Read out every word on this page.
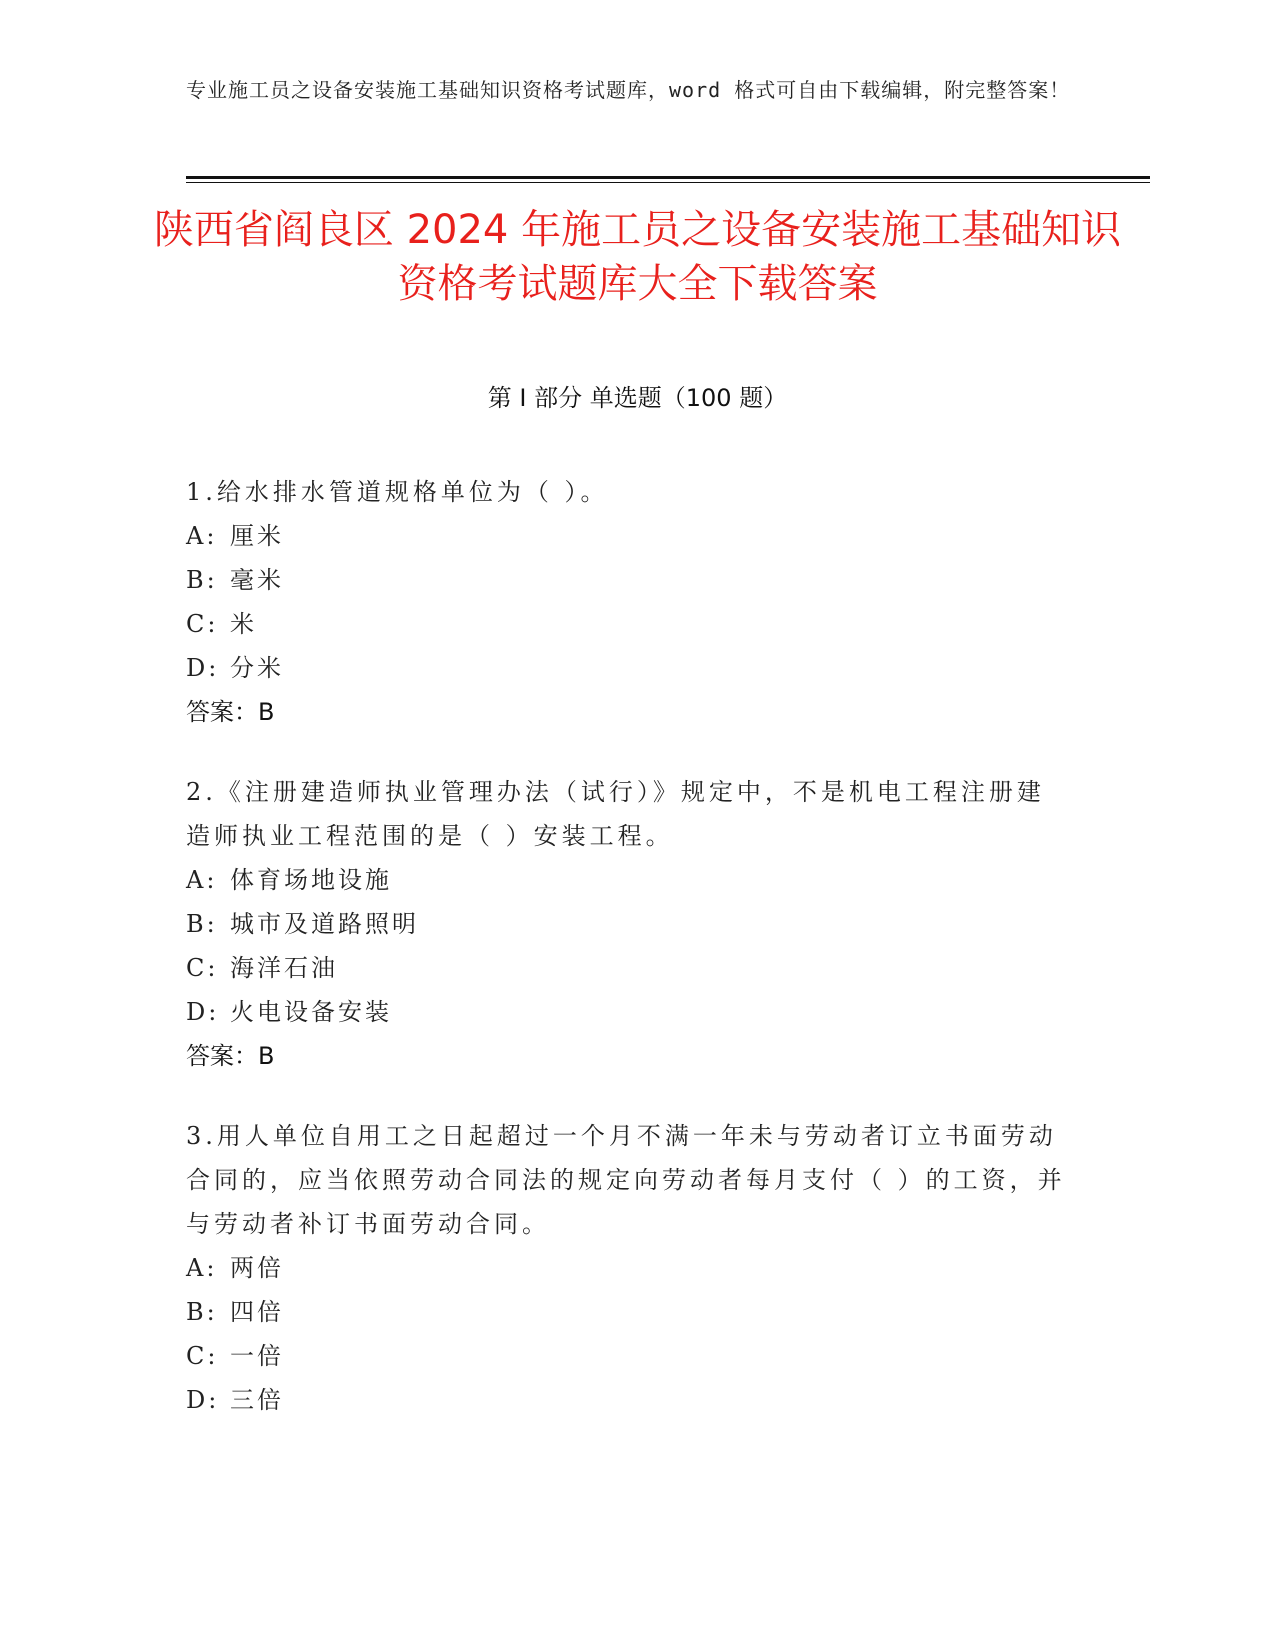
专业施工员之设备安装施工基础知识资格考试题库，word 格式可自由下载编辑，附完整答案！
陕西省阎良区 2024 年施工员之设备安装施工基础知识资格考试题库大全下载答案
第 I 部分 单选题（100 题）
1.给水排水管道规格单位为（ ）。
A: 厘米
B: 毫米
C: 米
D: 分米
答案：B
2.《注册建造师执业管理办法（试行）》规定中，不是机电工程注册建造师执业工程范围的是（ ）安装工程。
A: 体育场地设施
B: 城市及道路照明
C: 海洋石油
D: 火电设备安装
答案：B
3.用人单位自用工之日起超过一个月不满一年未与劳动者订立书面劳动合同的，应当依照劳动合同法的规定向劳动者每月支付（ ）的工资，并与劳动者补订书面劳动合同。
A: 两倍
B: 四倍
C: 一倍
D: 三倍
